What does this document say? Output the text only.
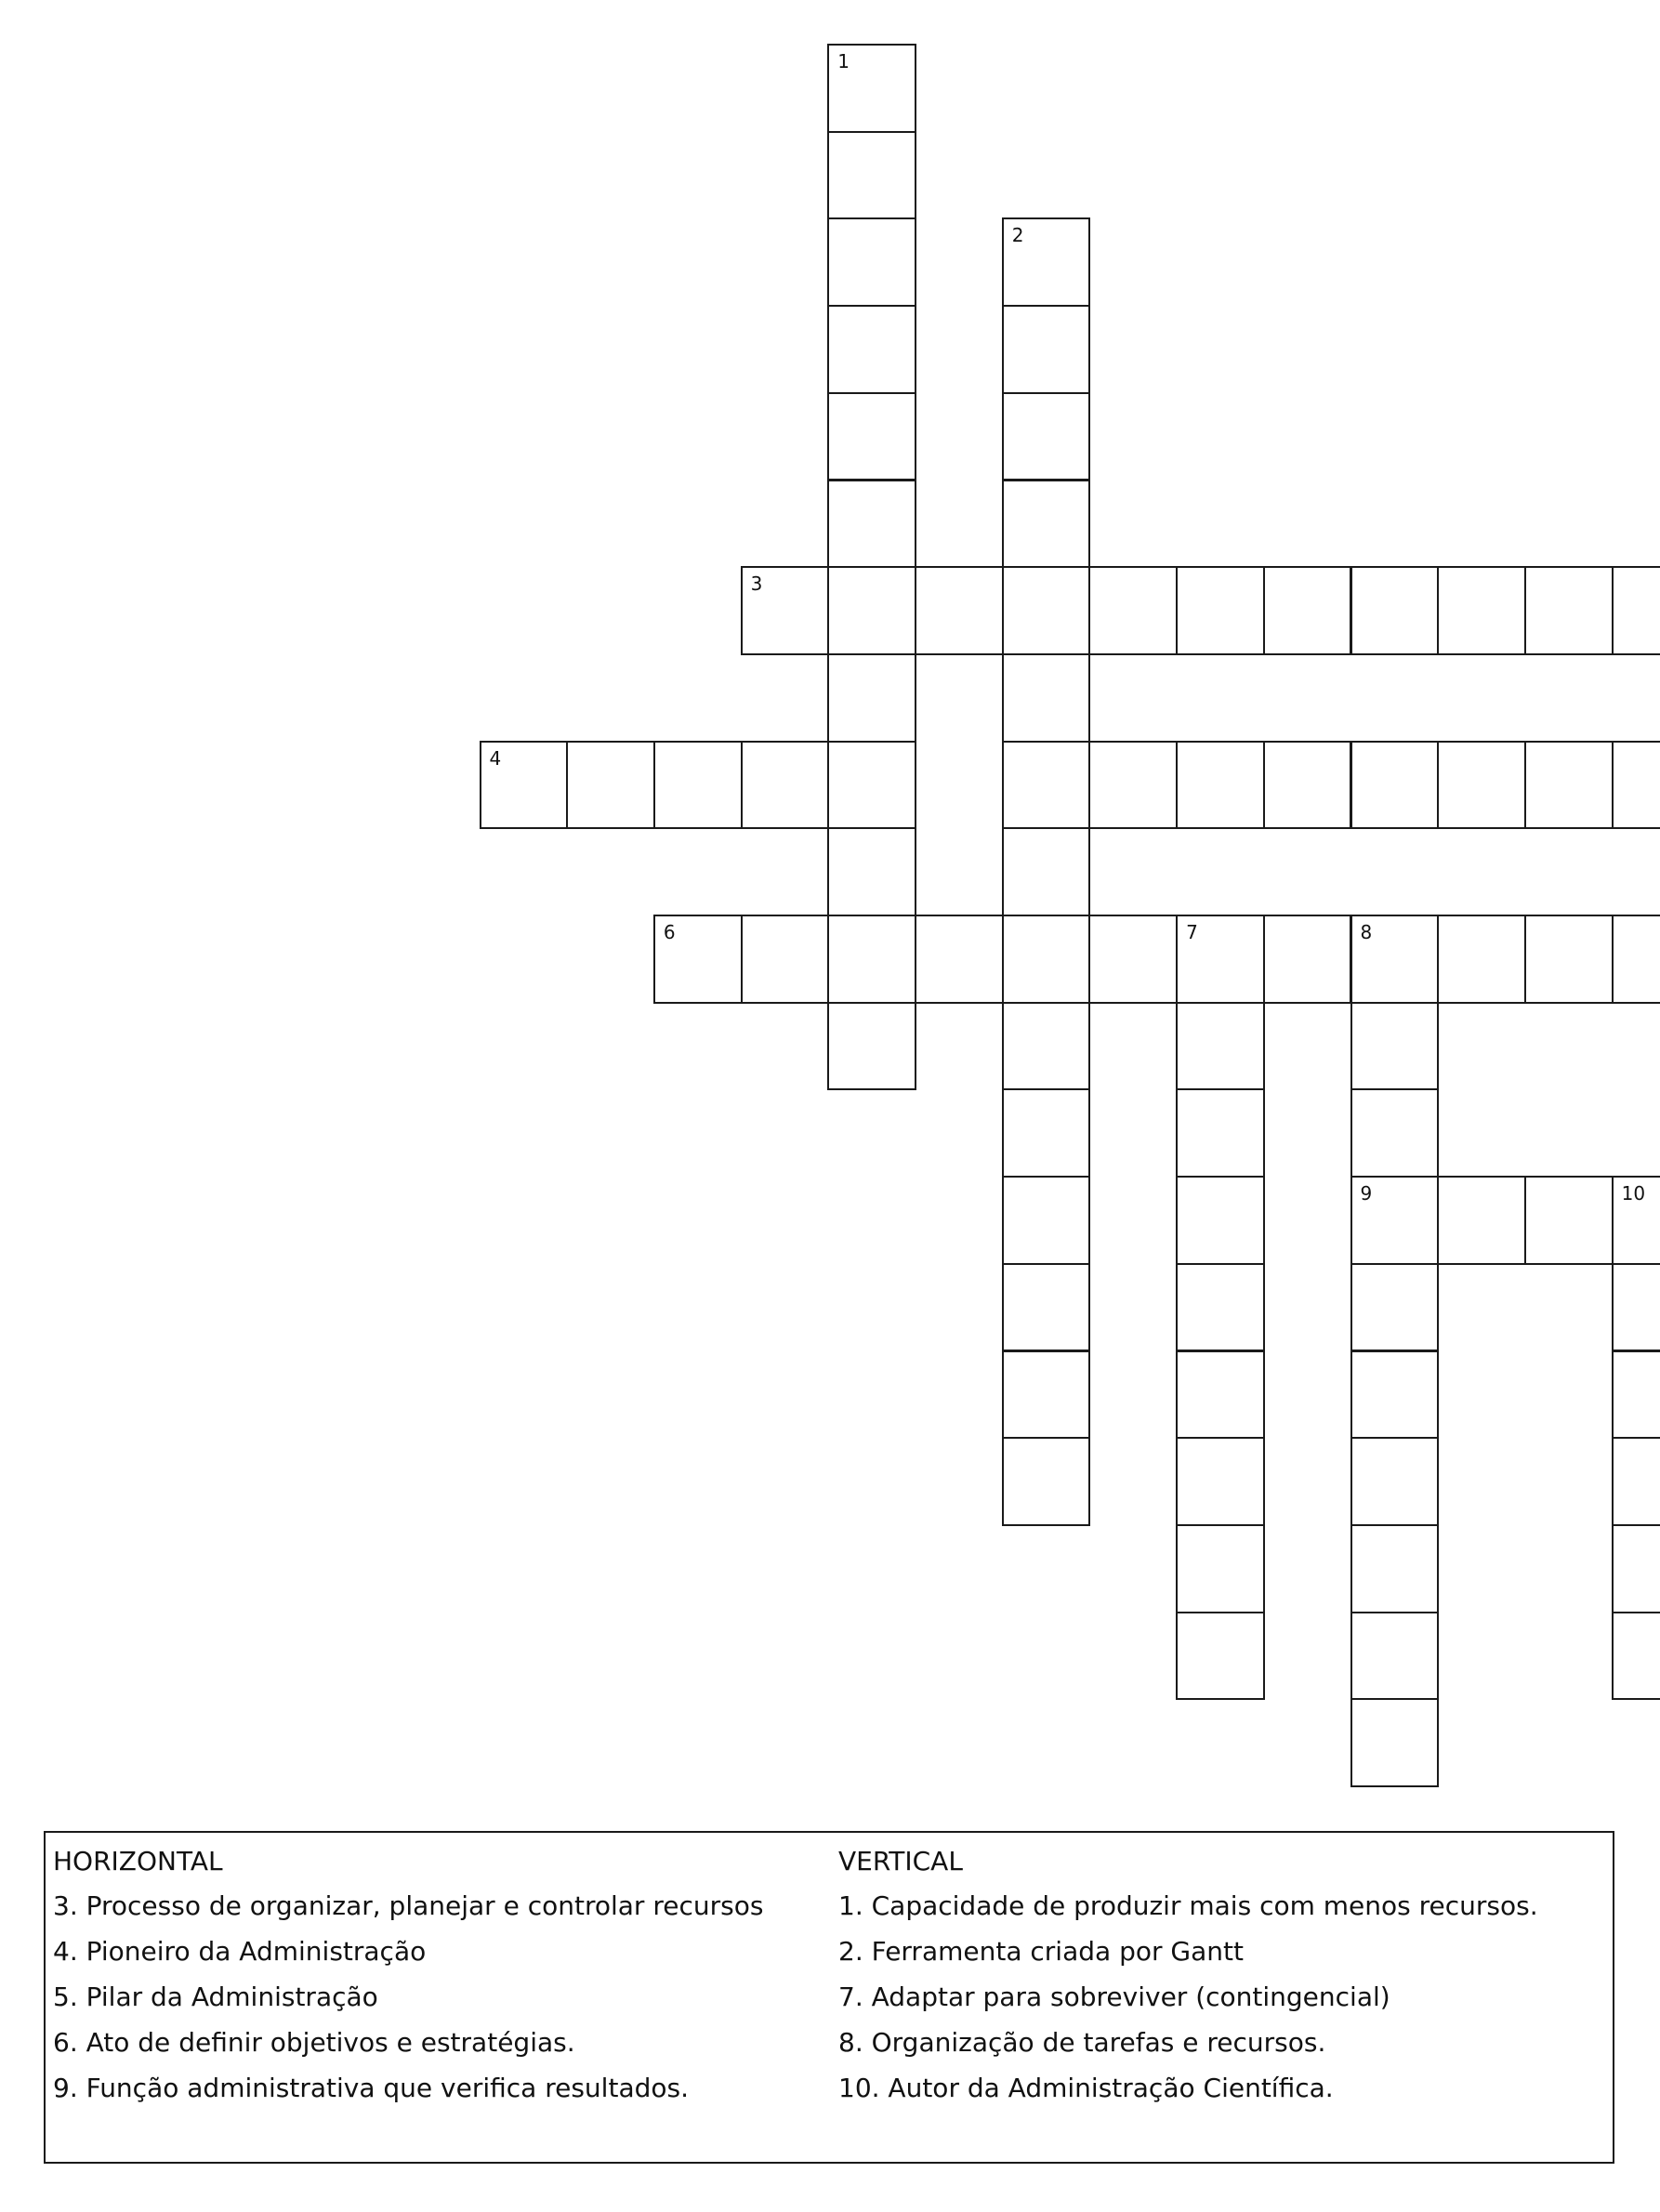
1
2
3
4
6	7	8
9	10
HORIZONTAL
3. Processo de organizar, planejar e controlar recursos
4. Pioneiro da Administração
5. Pilar da Administração
6. Ato de definir objetivos e estratégias.
9. Função administrativa que verifica resultados.
VERTICAL
1. Capacidade de produzir mais com menos recursos.
2. Ferramenta criada por Gantt
7. Adaptar para sobreviver (contingencial)
8. Organização de tarefas e recursos.
10. Autor da Administração Científica.
